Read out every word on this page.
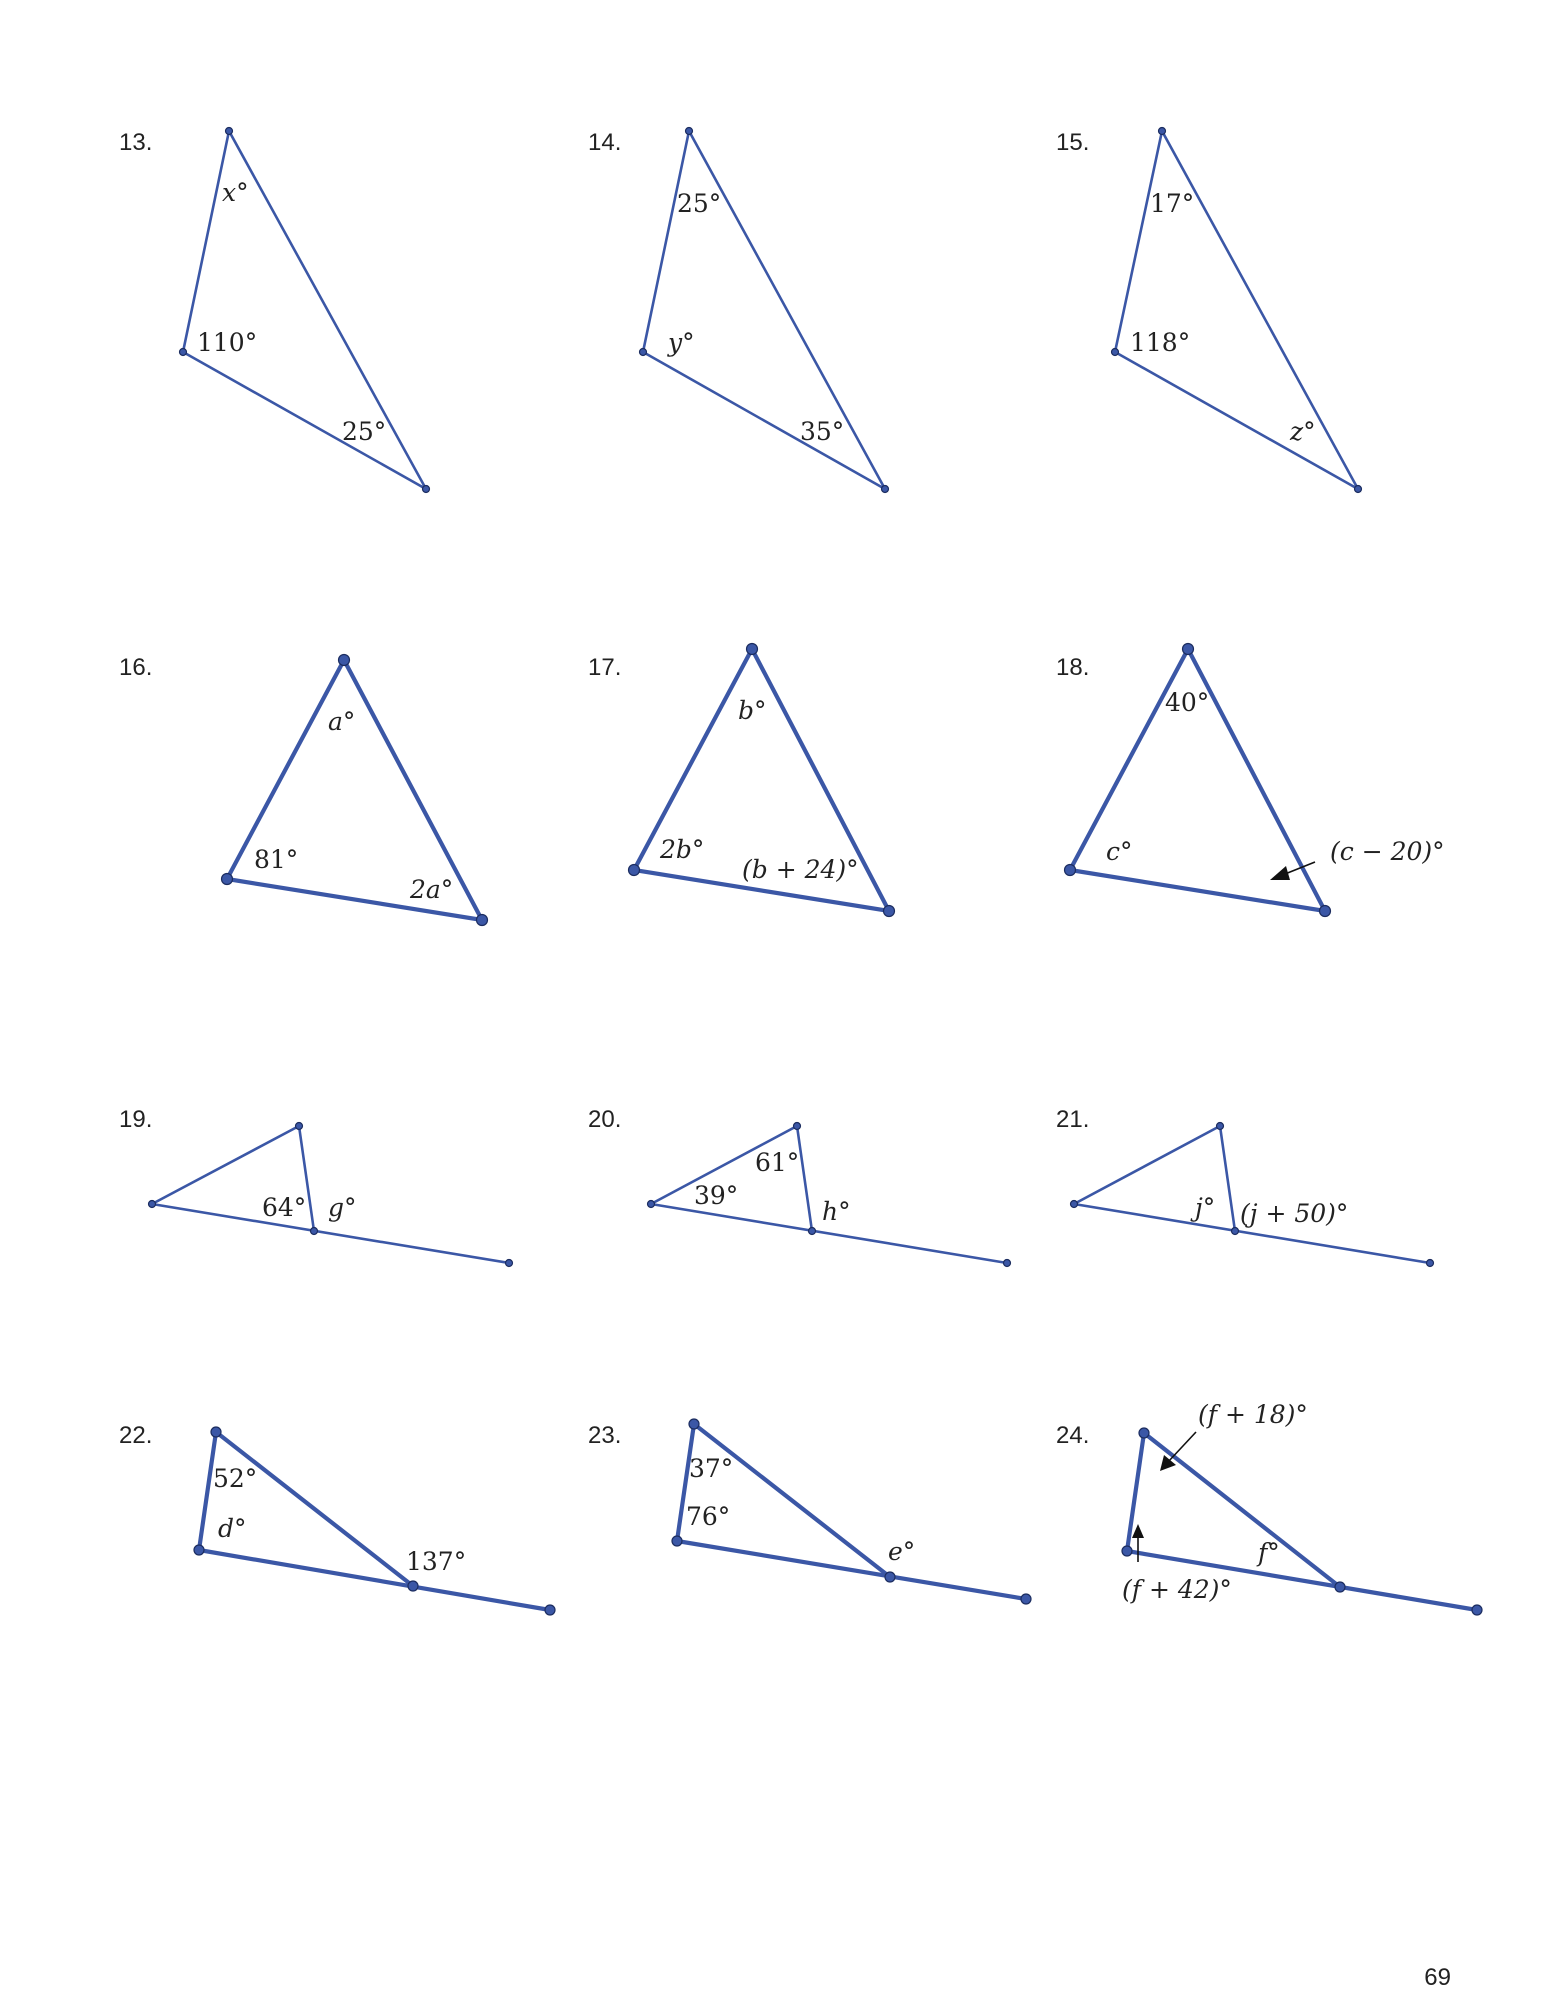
13.
x°
110°
25°
14.
25°
y°
35°
15.
17°
118°
z°
16.
a°
81°
2a°
17.
b°
2b°
(b + 24)°
18.
40°
c°	(c − 20)°
19.
64° g°
20.
61°
39°
h°
21.
j° (j + 50)°
22.
52°
d°
137°
23.
37°
76°
e°
24.
(f + 18)°
f°
(f + 42)°
69
